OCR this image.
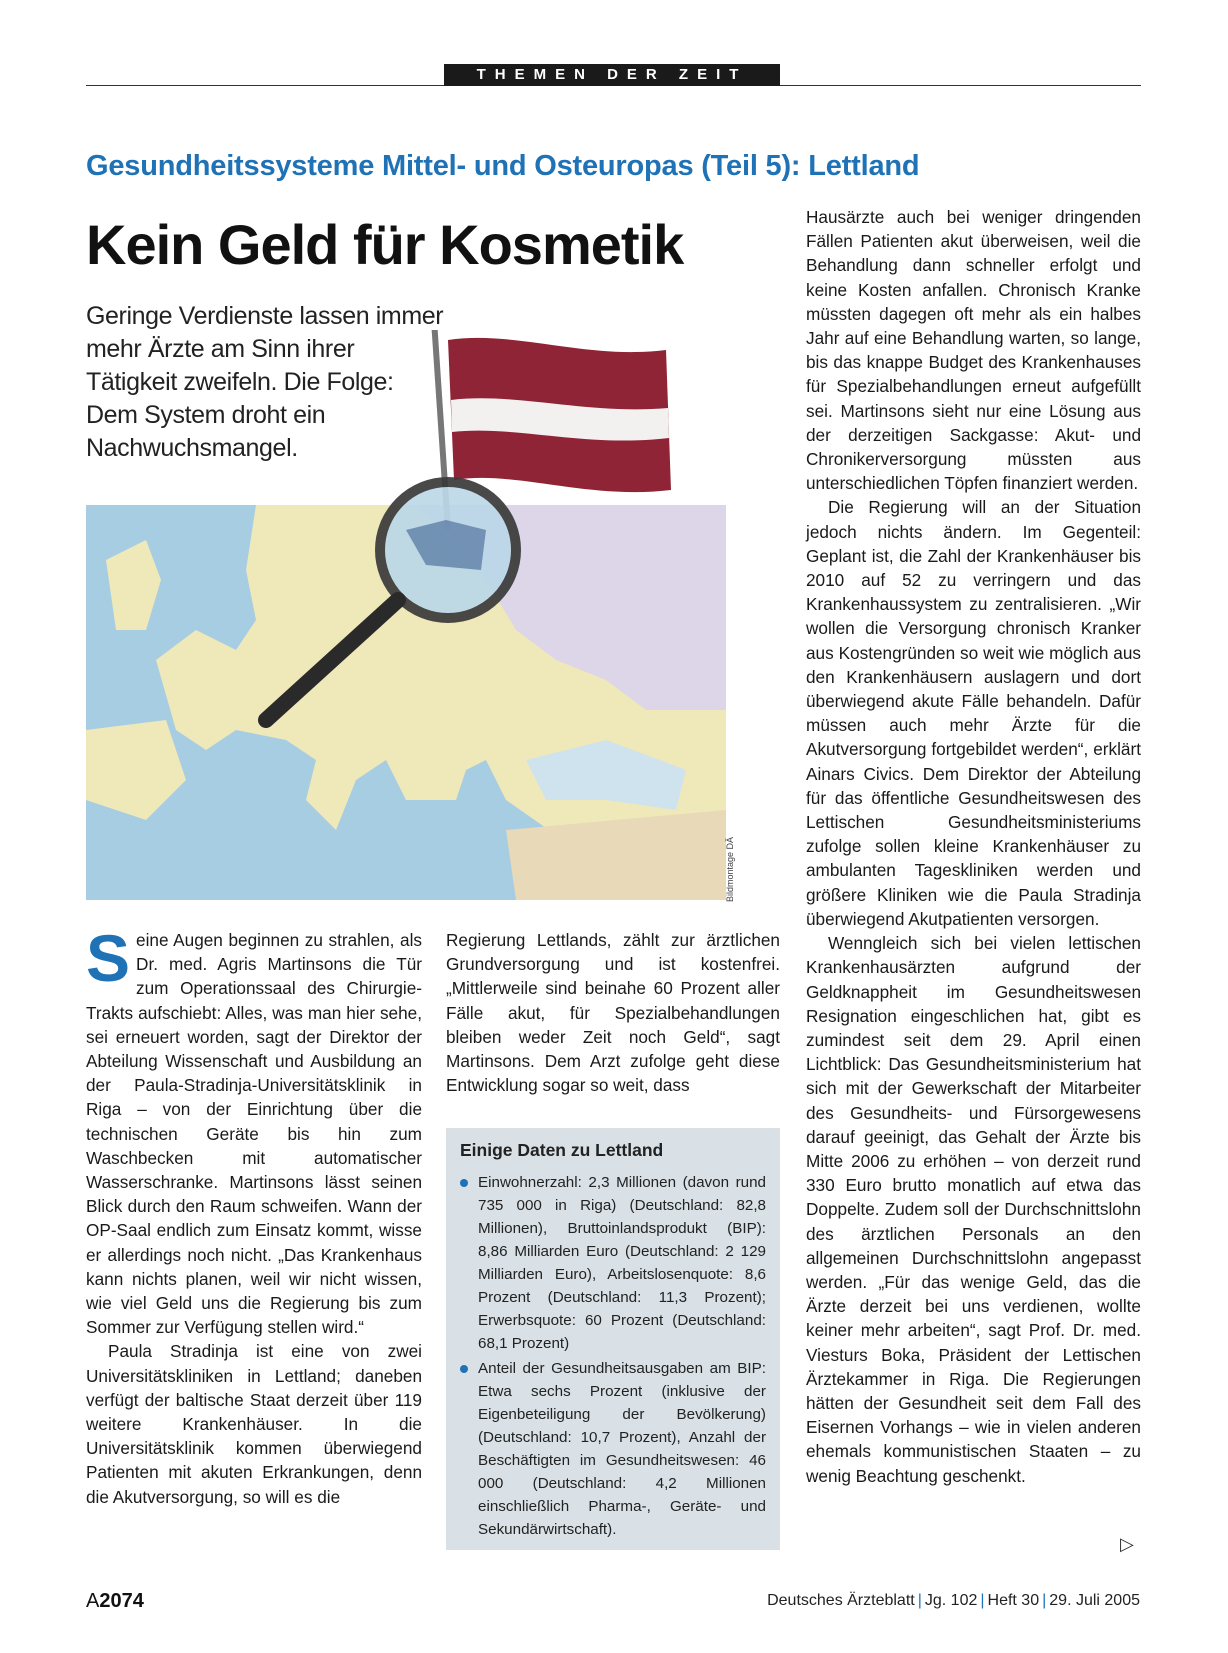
THEMEN DER ZEIT
Gesundheitssysteme Mittel- und Osteuropas (Teil 5): Lettland
Kein Geld für Kosmetik
Bildmontage DÄ
Geringe Verdienste lassen immer mehr Ärzte am Sinn ihrer Tätigkeit zweifeln. Die Folge: Dem System droht ein Nachwuchsmangel.

Seine Augen beginnen zu strahlen, als Dr. med. Agris Martinsons die Tür zum Operationssaal des Chirurgie-Trakts aufschiebt: Alles, was man hier sehe, sei erneuert worden, sagt der Direktor der Abteilung Wissenschaft und Ausbildung an der Paula-Stradinja-Universitätsklinik in Riga – von der Einrichtung über die technischen Geräte bis hin zum Waschbecken mit automatischer Wasserschranke. Martinsons lässt seinen Blick durch den Raum schweifen. Wann der OP-Saal endlich zum Einsatz kommt, wisse er allerdings noch nicht. „Das Krankenhaus kann nichts planen, weil wir nicht wissen, wie viel Geld uns die Regierung bis zum Sommer zur Verfügung stellen wird.“

Paula Stradinja ist eine von zwei Universitätskliniken in Lettland; daneben verfügt der baltische Staat derzeit über 119 weitere Krankenhäuser. In die Universitätsklinik kommen überwiegend Patienten mit akuten Erkrankungen, denn die Akutversorgung, so will es die

Regierung Lettlands, zählt zur ärztlichen Grundversorgung und ist kostenfrei. „Mittlerweile sind beinahe 60 Prozent aller Fälle akut, für Spezialbehandlungen bleiben weder Zeit noch Geld“, sagt Martinsons. Dem Arzt zufolge geht diese Entwicklung sogar so weit, dass

Einige Daten zu Lettland
Einwohnerzahl: 2,3 Millionen (davon rund 735 000 in Riga) (Deutschland: 82,8 Millionen), Bruttoinlandsprodukt (BIP): 8,86 Milliarden Euro (Deutschland: 2 129 Milliarden Euro), Arbeitslosenquote: 8,6 Prozent (Deutschland: 11,3 Prozent); Erwerbsquote: 60 Prozent (Deutschland: 68,1 Prozent)
Anteil der Gesundheitsausgaben am BIP: Etwa sechs Prozent (inklusive der Eigenbeteiligung der Bevölkerung) (Deutschland: 10,7 Prozent), Anzahl der Beschäftigten im Gesundheitswesen: 46 000 (Deutschland: 4,2 Millionen einschließlich Pharma-, Geräte- und Sekundärwirtschaft).

Hausärzte auch bei weniger dringenden Fällen Patienten akut überweisen, weil die Behandlung dann schneller erfolgt und keine Kosten anfallen. Chronisch Kranke müssten dagegen oft mehr als ein halbes Jahr auf eine Behandlung warten, so lange, bis das knappe Budget des Krankenhauses für Spezialbehandlungen erneut aufgefüllt sei. Martinsons sieht nur eine Lösung aus der derzeitigen Sackgasse: Akut- und Chronikerversorgung müssten aus unterschiedlichen Töpfen finanziert werden.

Die Regierung will an der Situation jedoch nichts ändern. Im Gegenteil: Geplant ist, die Zahl der Krankenhäuser bis 2010 auf 52 zu verringern und das Krankenhaussystem zu zentralisieren. „Wir wollen die Versorgung chronisch Kranker aus Kostengründen so weit wie möglich aus den Krankenhäusern auslagern und dort überwiegend akute Fälle behandeln. Dafür müssen auch mehr Ärzte für die Akutversorgung fortgebildet werden“, erklärt Ainars Civics. Dem Direktor der Abteilung für das öffentliche Gesundheitswesen des Lettischen Gesundheitsministeriums zufolge sollen kleine Krankenhäuser zu ambulanten Tageskliniken werden und größere Kliniken wie die Paula Stradinja überwiegend Akutpatienten versorgen.

Wenngleich sich bei vielen lettischen Krankenhausärzten aufgrund der Geldknappheit im Gesundheitswesen Resignation eingeschlichen hat, gibt es zumindest seit dem 29. April einen Lichtblick: Das Gesundheitsministerium hat sich mit der Gewerkschaft der Mitarbeiter des Gesundheits- und Fürsorgewesens darauf geeinigt, das Gehalt der Ärzte bis Mitte 2006 zu erhöhen – von derzeit rund 330 Euro brutto monatlich auf etwa das Doppelte. Zudem soll der Durchschnittslohn des ärztlichen Personals an den allgemeinen Durchschnittslohn angepasst werden. „Für das wenige Geld, das die Ärzte derzeit bei uns verdienen, wollte keiner mehr arbeiten“, sagt Prof. Dr. med. Viesturs Boka, Präsident der Lettischen Ärztekammer in Riga. Die Regierungen hätten der Gesundheit seit dem Fall des Eisernen Vorhangs – wie in vielen anderen ehemals kommunistischen Staaten – zu wenig Beachtung geschenkt.

▷
A2074	Deutsches Ärzteblatt | Jg. 102 | Heft 30 | 29. Juli 2005
